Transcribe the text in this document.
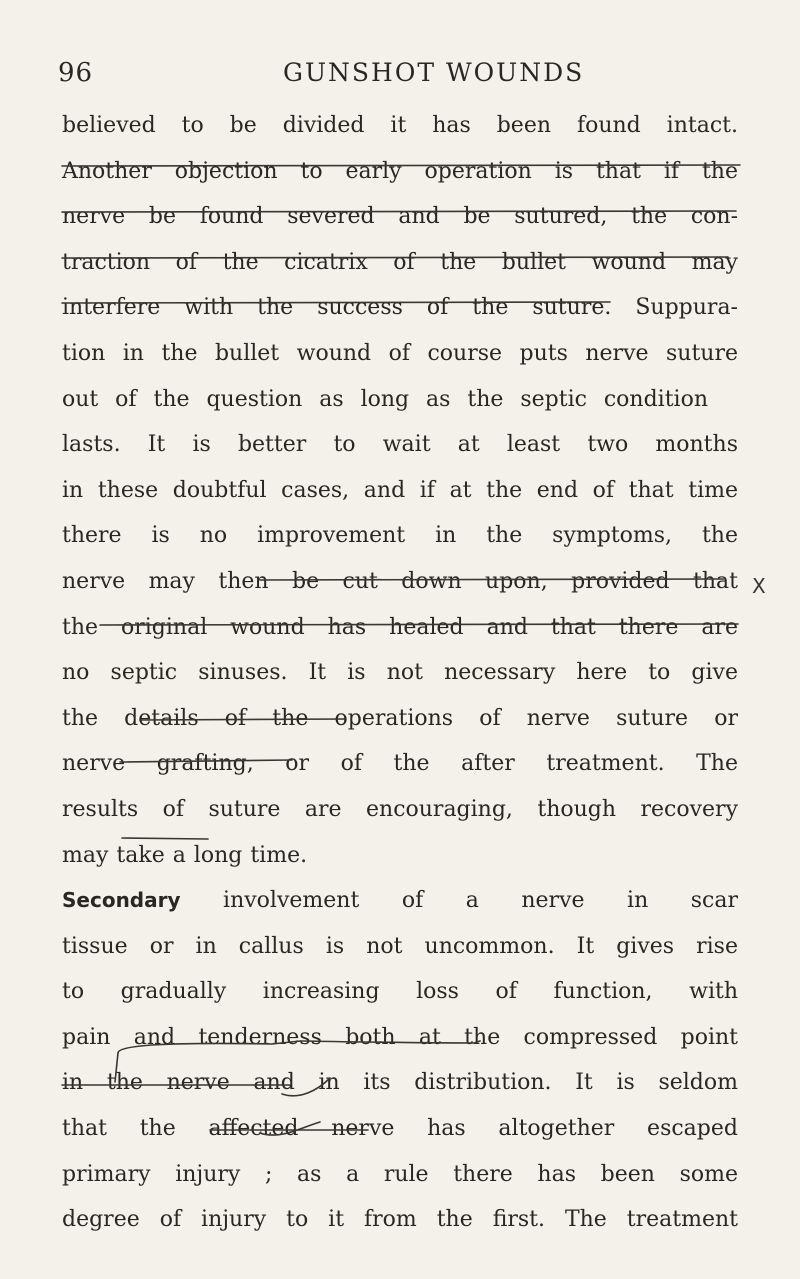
96	GUNSHOT WOUNDS
believed to be divided it has been found intact.
Another objection to early operation is that if the
nerve be found severed and be sutured, the con-
traction of the cicatrix of the bullet wound may
interfere with the success of the suture. Suppura-
tion in the bullet wound of course puts nerve suture
out of the question as long as the septic condition
lasts. It is better to wait at least two months
in these doubtful cases, and if at the end of that time
there is no improvement in the symptoms, the
nerve may then be cut down upon, provided that
the original wound has healed and that there are
no septic sinuses. It is not necessary here to give
the details of the operations of nerve suture or
nerve grafting, or of the after treatment. The
results of suture are encouraging, though recovery
may take a long time.
Secondary involvement of a nerve in scar
tissue or in callus is not uncommon. It gives rise
to gradually increasing loss of function, with
pain and tenderness both at the compressed point
in the nerve and in its distribution. It is seldom
that the affected nerve has altogether escaped
primary injury ; as a rule there has been some
degree of injury to it from the first. The treatment
X
